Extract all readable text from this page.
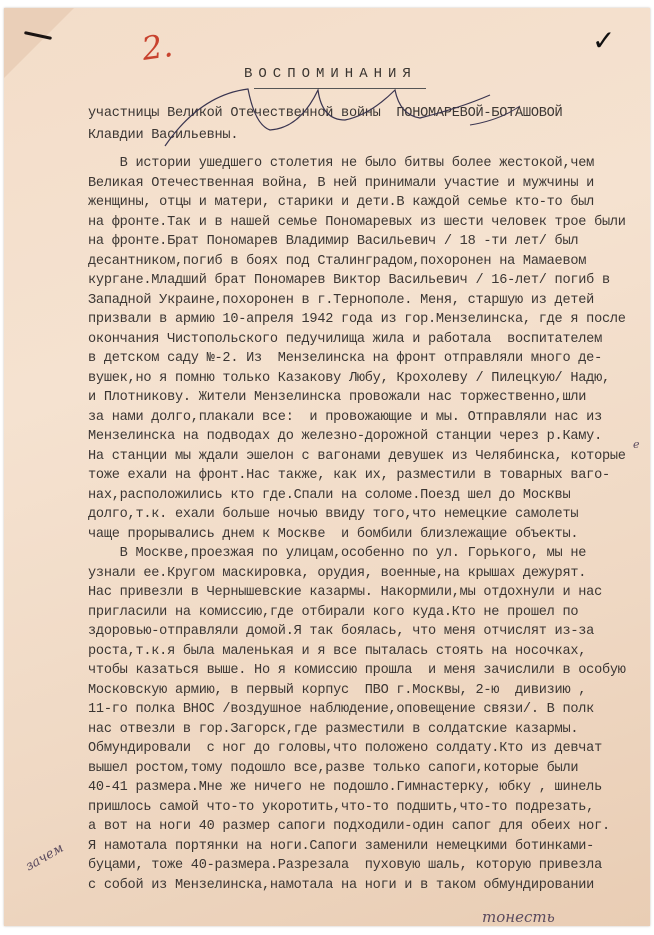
2.	✓
ВОСПОМИНАНИЯ
участницы Великой Отечественной войны  ПОНОМАРЕВОЙ-БОТАШОВОЙ
Клавдии Васильевны.
В истории ушедшего столетия не было битвы более жестокой,чем
Великая Отечественная война, В ней принимали участие и мужчины и
женщины, отцы и матери, старики и дети.В каждой семье кто-то был
на фронте.Так и в нашей семье Пономаревых из шести человек трое были
на фронте.Брат Пономарев Владимир Васильевич / 18 -ти лет/ был
десантником,погиб в боях под Сталинградом,похоронен на Мамаевом
кургане.Младший брат Пономарев Виктор Васильевич / 16-лет/ погиб в
Западной Украине,похоронен в г.Тернополе. Меня, старшую из детей
призвали в армию 10-апреля 1942 года из гор.Мензелинска, где я после
окончания Чистопольского педучилища жила и работала  воспитателем
в детском саду №-2. Из  Мензелинска на фронт отправляли много де-
вушек,но я помню только Казакову Любу, Крохолеву / Пилецкую/ Надю,
и Плотникову. Жители Мензелинска провожали нас торжественно,шли
за нами долго,плакали все:  и провожающие и мы. Отправляли нас из
Мензелинска на подводах до железно-дорожной станции через р.Каму.
На станции мы ждали эшелон с вагонами девушек из Челябинска, которые
тоже ехали на фронт.Нас также, как их, разместили в товарных ваго-
нах,расположились кто где.Спали на соломе.Поезд шел до Москвы
долго,т.к. ехали больше ночью ввиду того,что немецкие самолеты
чаще прорывались днем к Москве  и бомбили близлежащие объекты.
В Москве,проезжая по улицам,особенно по ул. Горького, мы не
узнали ее.Кругом маскировка, орудия, военные,на крышах дежурят.
Нас привезли в Чернышевские казармы. Накормили,мы отдохнули и нас
пригласили на комиссию,где отбирали кого куда.Кто не прошел по
здоровью-отправляли домой.Я так боялась, что меня отчислят из-за
роста,т.к.я была маленькая и я все пыталась стоять на носочках,
чтобы казаться выше. Но я комиссию прошла  и меня зачислили в особую
Московскую армию, в первый корпус  ПВО г.Москвы, 2-ю  дивизию ,
11-го полка ВНОС /воздушное наблюдение,оповещение связи/. В полк
нас отвезли в гор.Загорск,где разместили в солдатские казармы.
Обмундировали  с ног до головы,что положено солдату.Кто из девчат
вышел ростом,тому подошло все,разве только сапоги,которые были
40-41 размера.Мне же ничего не подошло.Гимнастерку, юбку , шинель
пришлось самой что-то укоротить,что-то подшить,что-то подрезать,
а вот на ноги 40 размер сапоги подходили-один сапог для обеих ног.
Я намотала портянки на ноги.Сапоги заменили немецкими ботинками-
буцами, тоже 40-размера.Разрезала  пуховую шаль, которую привезла
с собой из Мензелинска,намотала на ноги и в таком обмундировании
зачем
тонесть
е
